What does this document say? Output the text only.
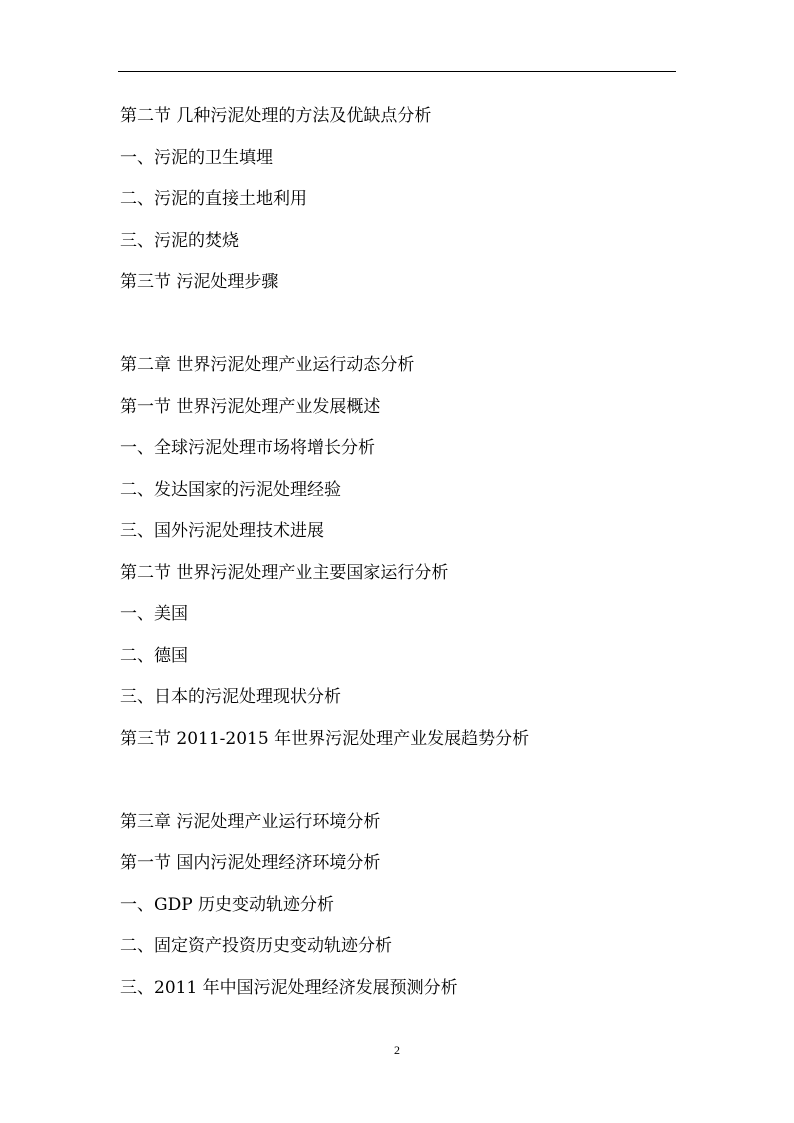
第二节 几种污泥处理的方法及优缺点分析
一、污泥的卫生填埋
二、污泥的直接土地利用
三、污泥的焚烧
第三节 污泥处理步骤
第二章 世界污泥处理产业运行动态分析
第一节 世界污泥处理产业发展概述
一、全球污泥处理市场将增长分析
二、发达国家的污泥处理经验
三、国外污泥处理技术进展
第二节 世界污泥处理产业主要国家运行分析
一、美国
二、德国
三、日本的污泥处理现状分析
第三节 2011-2015 年世界污泥处理产业发展趋势分析
第三章 污泥处理产业运行环境分析
第一节 国内污泥处理经济环境分析
一、GDP 历史变动轨迹分析
二、固定资产投资历史变动轨迹分析
三、2011 年中国污泥处理经济发展预测分析
2
